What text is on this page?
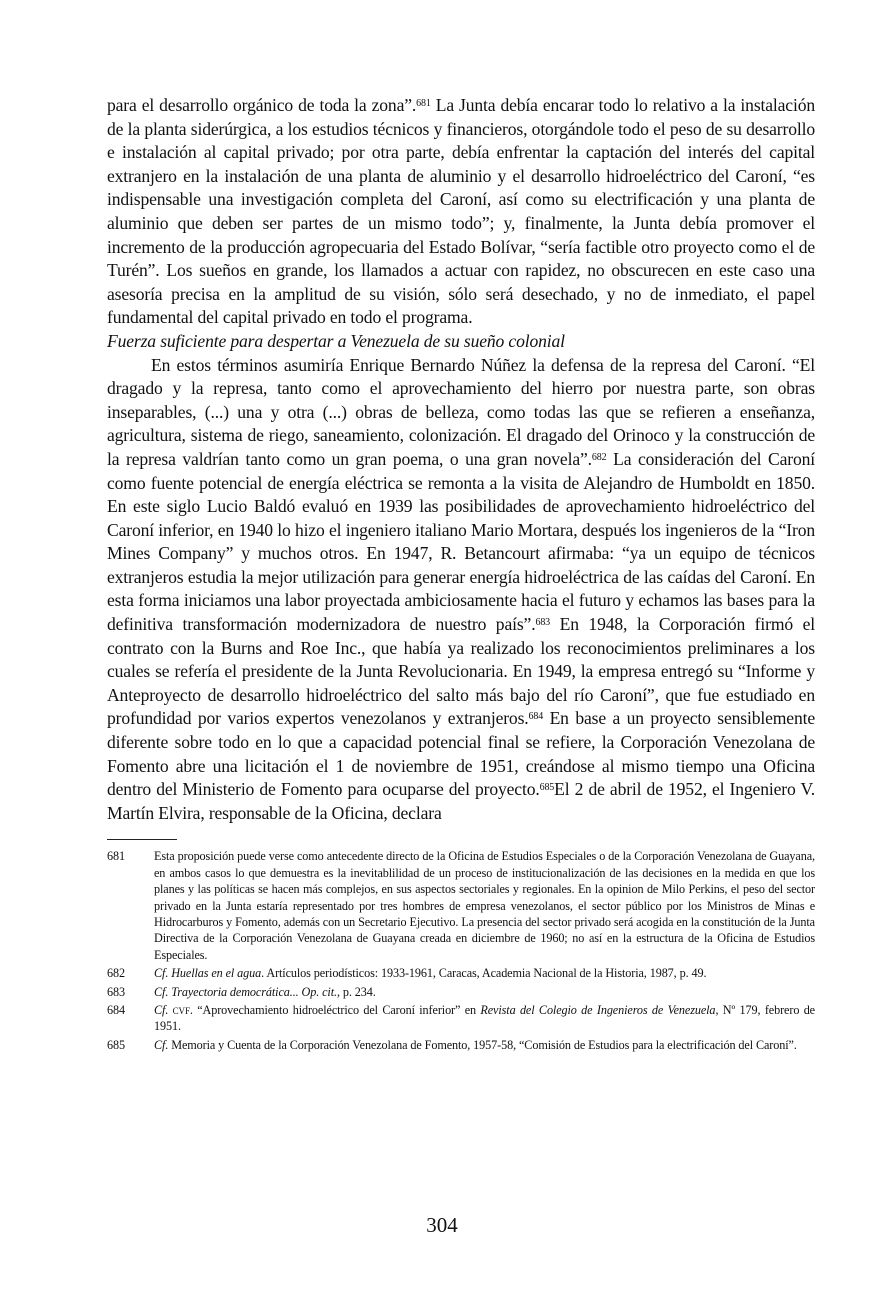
para el desarrollo orgánico de toda la zona”.$^{681}$ La Junta debía encarar todo lo relativo a la instalación de la planta siderúrgica, a los estudios técnicos y financieros, otorgándole todo el peso de su desarrollo e instalación al capital privado; por otra parte, debía enfrentar la captación del interés del capital extranjero en la instalación de una planta de aluminio y el desarrollo hidroeléctrico del Caroní, “es indispensable una investigación completa del Caroní, así como su electrificación y una planta de aluminio que deben ser partes de un mismo todo”; y, finalmente, la Junta debía promover el incremento de la producción agropecuaria del Estado Bolívar, “sería factible otro proyecto como el de Turén”. Los sueños en grande, los llamados a actuar con rapidez, no obscurecen en este caso una asesoría precisa en la amplitud de su visión, sólo será desechado, y no de inmediato, el papel fundamental del capital privado en todo el programa.

Fuerza suficiente para despertar a Venezuela de su sueño colonial

En estos términos asumiría Enrique Bernardo Núñez la defensa de la represa del Caroní. “El dragado y la represa, tanto como el aprovechamiento del hierro por nuestra parte, son obras inseparables, (...) una y otra (...) obras de belleza, como todas las que se refieren a enseñanza, agricultura, sistema de riego, saneamiento, colonización. El dragado del Orinoco y la construcción de la represa valdrían tanto como un gran poema, o una gran novela”.$^{682}$ La consideración del Caroní como fuente potencial de energía eléctrica se remonta a la visita de Alejandro de Humboldt en 1850. En este siglo Lucio Baldó evaluó en 1939 las posibilidades de aprovechamiento hidroeléctrico del Caroní inferior, en 1940 lo hizo el ingeniero italiano Mario Mortara, después los ingenieros de la “Iron Mines Company” y muchos otros. En 1947, R. Betancourt afirmaba: “ya un equipo de técnicos extranjeros estudia la mejor utilización para generar energía hidroeléctrica de las caídas del Caroní. En esta forma iniciamos una labor proyectada ambiciosamente hacia el futuro y echamos las bases para la definitiva transformación modernizadora de nuestro país”.$^{683}$ En 1948, la Corporación firmó el contrato con la Burns and Roe Inc., que había ya realizado los reconocimientos preliminares a los cuales se refería el presidente de la Junta Revolucionaria. En 1949, la empresa entregó su “Informe y Anteproyecto de desarrollo hidroeléctrico del salto más bajo del río Caroní”, que fue estudiado en profundidad por varios expertos venezolanos y extranjeros.$^{684}$ En base a un proyecto sensiblemente diferente sobre todo en lo que a capacidad potencial final se refiere, la Corporación Venezolana de Fomento abre una licitación el 1 de noviembre de 1951, creándose al mismo tiempo una Oficina dentro del Ministerio de Fomento para ocuparse del proyecto.$^{685}$El 2 de abril de 1952, el Ingeniero V. Martín Elvira, responsable de la Oficina, declara

681	Esta proposición puede verse como antecedente directo de la Oficina de Estudios Especiales o de la Corporación Venezolana de Guayana, en ambos casos lo que demuestra es la inevitablilidad de un proceso de institucionalización de las decisiones en la medida en que los planes y las políticas se hacen más complejos, en sus aspectos sectoriales y regionales. En la opinion de Milo Perkins, el peso del sector privado en la Junta estaría representado por tres hombres de empresa venezolanos, el sector público por los Ministros de Minas e Hidrocarburos y Fomento, además con un Secretario Ejecutivo. La presencia del sector privado será acogida en la constitución de la Junta Directiva de la Corporación Venezolana de Guayana creada en diciembre de 1960; no así en la estructura de la Oficina de Estudios Especiales.
682	Cf. Huellas en el agua. Artículos periodísticos: 1933-1961, Caracas, Academia Nacional de la Historia, 1987, p. 49.
683	Cf. Trayectoria democrática... Op. cit., p. 234.
684	Cf. cvf. “Aprovechamiento hidroeléctrico del Caroní inferior” en Revista del Colegio de Ingenieros de Venezuela, Nº 179, febrero de 1951.
685	Cf. Memoria y Cuenta de la Corporación Venezolana de Fomento, 1957-58, “Comisión de Estudios para la electrificación del Caroní”.
304
